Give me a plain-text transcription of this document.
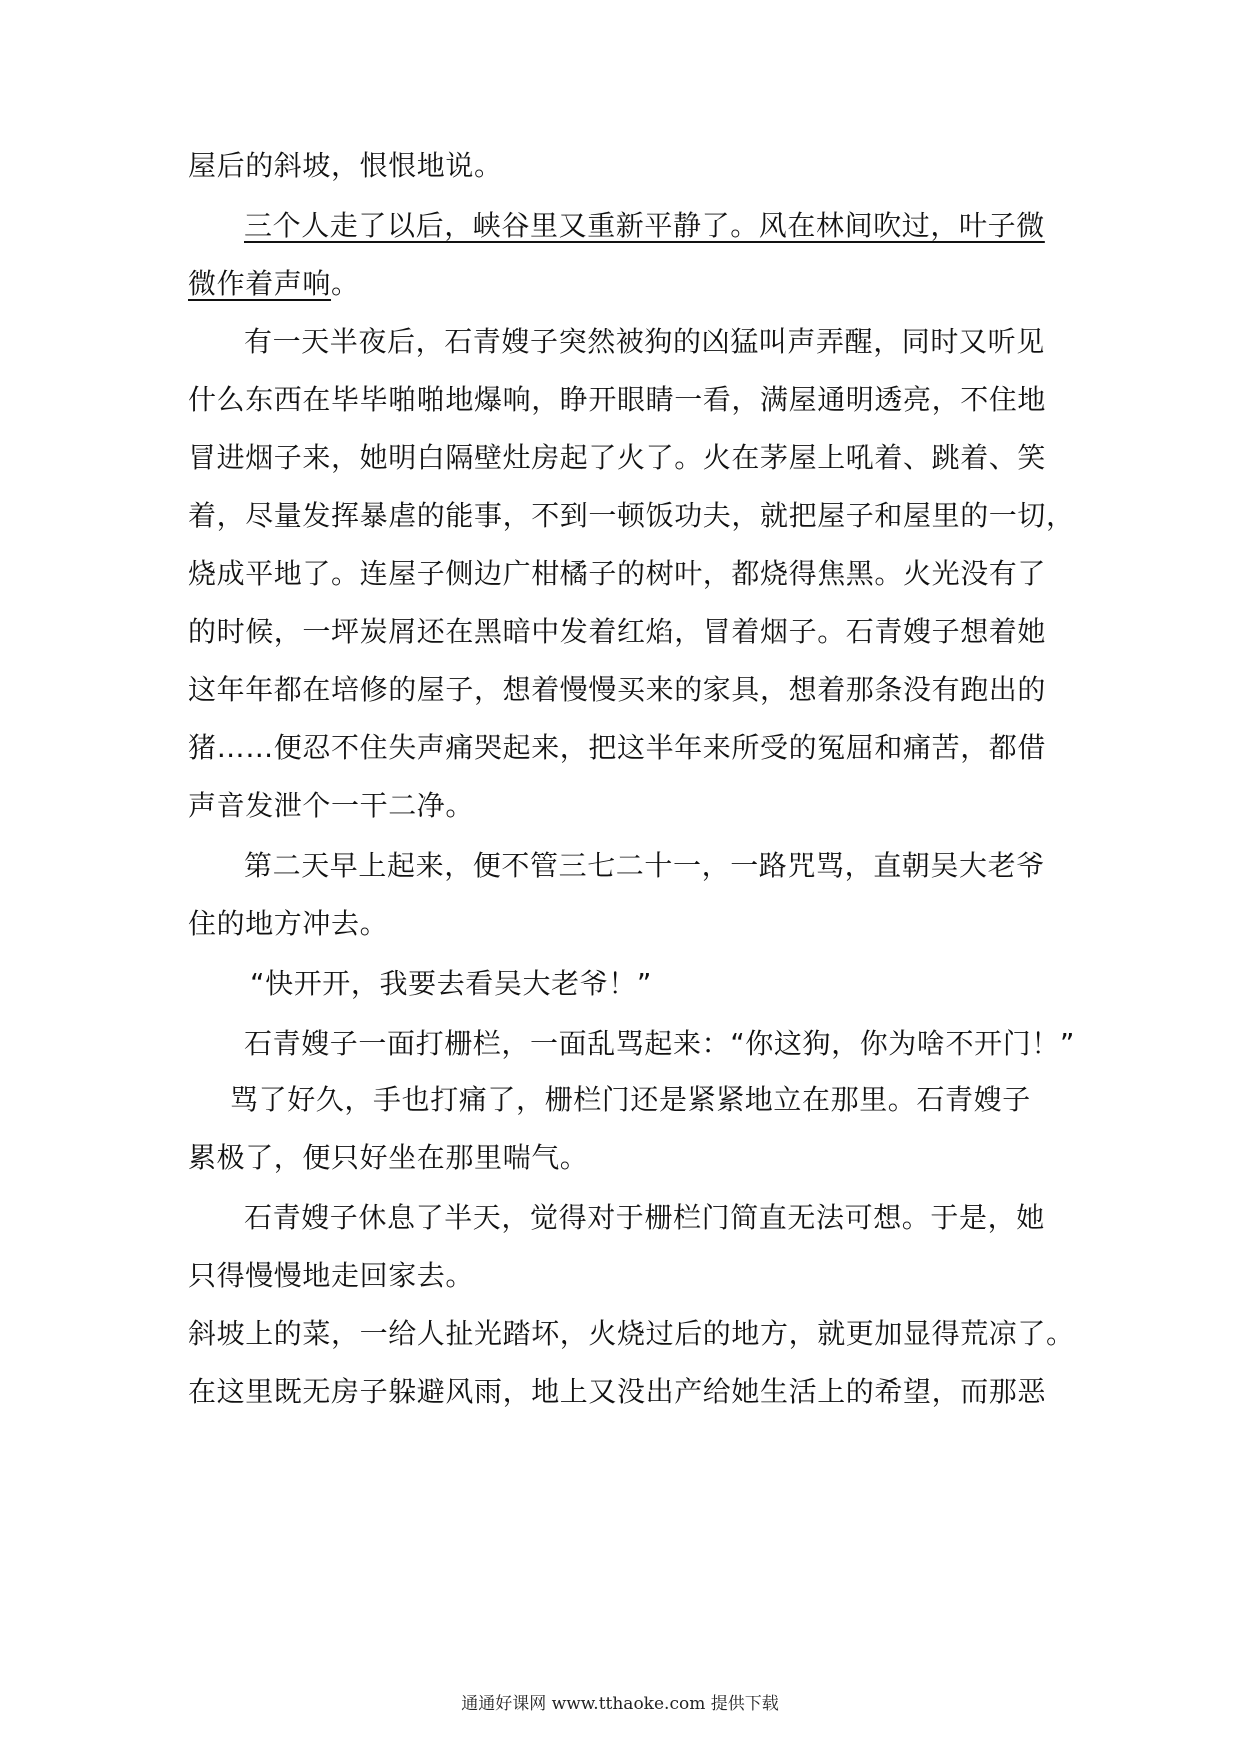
屋后的斜坡，恨恨地说。
三个人走了以后，峡谷里又重新平静了。风在林间吹过，叶子微
微作着声响。
有一天半夜后，石青嫂子突然被狗的凶猛叫声弄醒，同时又听见
什么东西在毕毕啪啪地爆响，睁开眼睛一看，满屋通明透亮，不住地
冒进烟子来，她明白隔壁灶房起了火了。火在茅屋上吼着、跳着、笑
着，尽量发挥暴虐的能事，不到一顿饭功夫，就把屋子和屋里的一切，
烧成平地了。连屋子侧边广柑橘子的树叶，都烧得焦黑。火光没有了
的时候，一坪炭屑还在黑暗中发着红焰，冒着烟子。石青嫂子想着她
这年年都在培修的屋子，想着慢慢买来的家具，想着那条没有跑出的
猪……便忍不住失声痛哭起来，把这半年来所受的冤屈和痛苦，都借
声音发泄个一干二净。
第二天早上起来，便不管三七二十一，一路咒骂，直朝吴大老爷
住的地方冲去。
“快开开，我要去看吴大老爷！”
石青嫂子一面打栅栏，一面乱骂起来：“你这狗，你为啥不开门！”
骂了好久，手也打痛了，栅栏门还是紧紧地立在那里。石青嫂子
累极了，便只好坐在那里喘气。
石青嫂子休息了半天，觉得对于栅栏门简直无法可想。于是，她
只得慢慢地走回家去。
斜坡上的菜，一给人扯光踏坏，火烧过后的地方，就更加显得荒凉了。
在这里既无房子躲避风雨，地上又没出产给她生活上的希望，而那恶
通通好课网 www.tthaoke.com 提供下载
